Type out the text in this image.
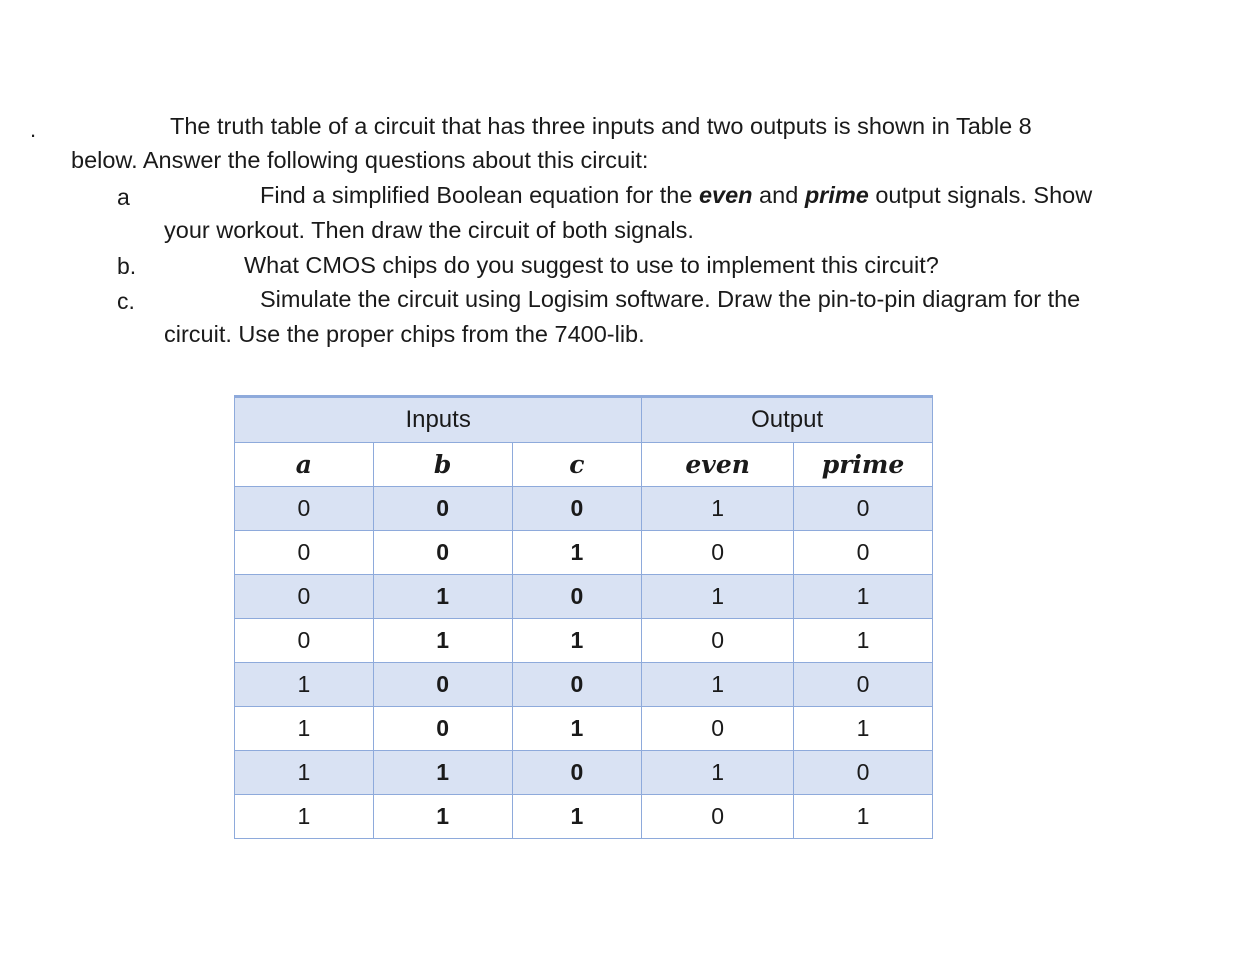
.	The truth table of a circuit that has three inputs and two outputs is shown in Table 8
below. Answer the following questions about this circuit:
a	Find a simplified Boolean equation for the even and prime output signals. Show
your workout. Then draw the circuit of both signals.
b.	What CMOS chips do you suggest to use to implement this circuit?
c.	Simulate the circuit using Logisim software. Draw the pin-to-pin diagram for the
circuit. Use the proper chips from the 7400-lib.
Inputs			Output	
a	b	c	even	prime
0	0	0	1	0
0	0	1	0	0
0	1	0	1	1
0	1	1	0	1
1	0	0	1	0
1	0	1	0	1
1	1	0	1	0
1	1	1	0	1
